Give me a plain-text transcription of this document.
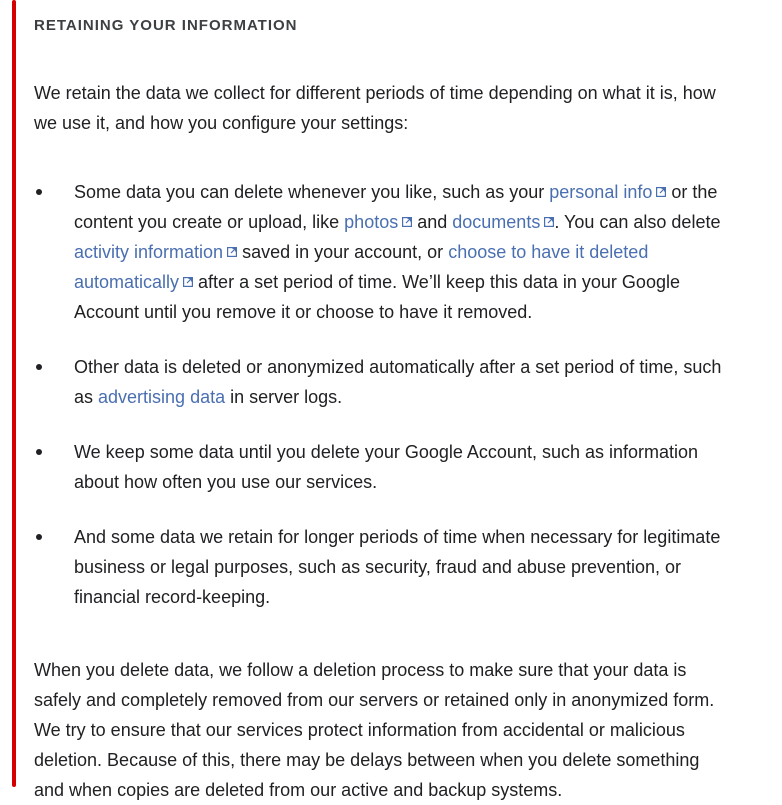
RETAINING YOUR INFORMATION

We retain the data we collect for different periods of time depending on what it is, how we use it, and how you configure your settings:

Some data you can delete whenever you like, such as your personal info or the content you create or upload, like photos and documents . You can also delete activity information saved in your account, or choose to have it deleted automatically after a set period of time. We’ll keep this data in your Google Account until you remove it or choose to have it removed.
Other data is deleted or anonymized automatically after a set period of time, such as advertising data in server logs.
We keep some data until you delete your Google Account, such as information about how often you use our services.
And some data we retain for longer periods of time when necessary for legitimate business or legal purposes, such as security, fraud and abuse prevention, or financial record-keeping.

When you delete data, we follow a deletion process to make sure that your data is safely and completely removed from our servers or retained only in anonymized form. We try to ensure that our services protect information from accidental or malicious deletion. Because of this, there may be delays between when you delete something and when copies are deleted from our active and backup systems.
